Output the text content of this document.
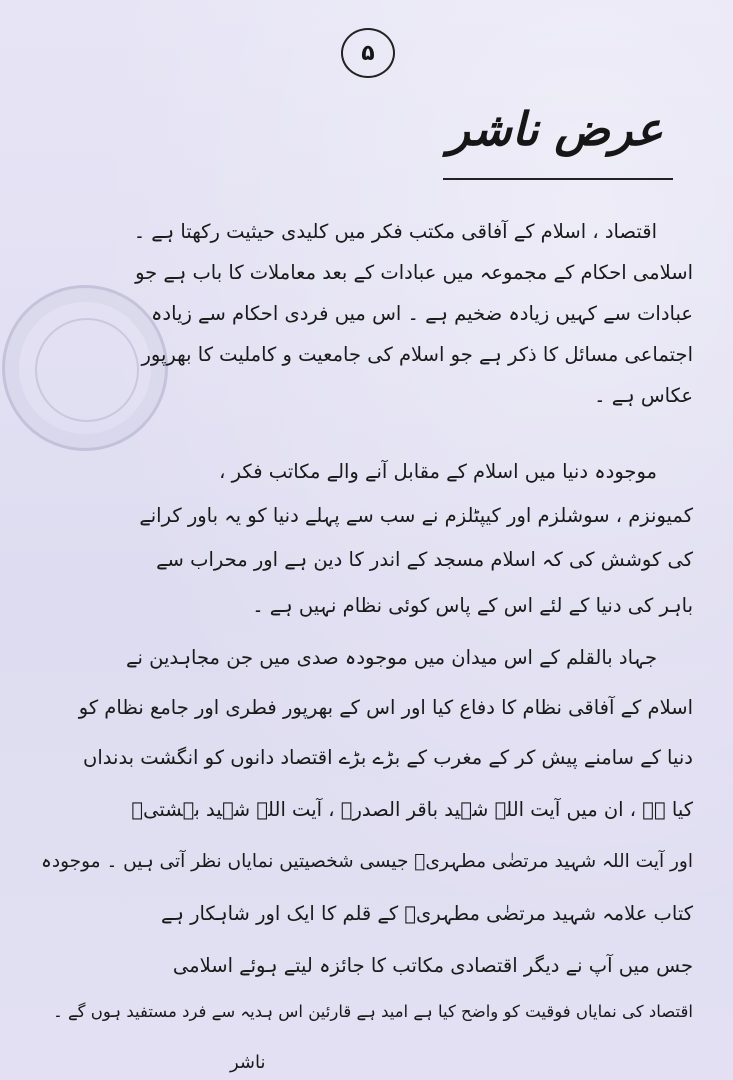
۵
عرض ناشر
اقتصاد ، اسلام کے آفاقی مکتب فکر میں کلیدی حیثیت رکھتا ہے ۔
اسلامی احکام کے مجموعہ میں عبادات کے بعد معاملات کا باب ہے جو
عبادات سے کہیں زیادہ ضخیم ہے ۔ اس میں فردی احکام سے زیادہ
اجتماعی مسائل کا ذکر ہے جو اسلام کی جامعیت و کاملیت کا بھرپور
عکاس ہے ۔
موجودہ دنیا میں اسلام کے مقابل آنے والے مکاتب فکر ،
کمیونزم ، سوشلزم اور کیپٹلزم نے سب سے پہلے دنیا کو یہ باور کرانے
کی کوشش کی کہ اسلام مسجد کے اندر کا دین ہے اور محراب سے
باہر کی دنیا کے لئے اس کے پاس کوئی نظام نہیں ہے ۔
جہاد بالقلم کے اس میدان میں موجودہ صدی میں جن مجاہدین نے
اسلام کے آفاقی نظام کا دفاع کیا اور اس کے بھرپور فطری اور جامع نظام کو
دنیا کے سامنے پیش کر کے مغرب کے بڑے بڑے اقتصاد دانوں کو انگشت بدنداں
کیا ہے ، ان میں آیت اللہ شہید باقر الصدرؒ ، آیت اللہ شہید بہشتیؒ
اور آیت اللہ شہید مرتضٰی مطہریؒ جیسی شخصیتیں نمایاں نظر آتی ہیں ۔ موجودہ
کتاب علامہ شہید مرتضٰی مطہریؒ کے قلم کا ایک اور شاہکار ہے
جس میں آپ نے دیگر اقتصادی مکاتب کا جائزہ لیتے ہوئے اسلامی
اقتصاد کی نمایاں فوقیت کو واضح کیا ہے امید ہے قارئین اس ہدیہ سے فرد مستفید ہوں گے ۔
ناشر
